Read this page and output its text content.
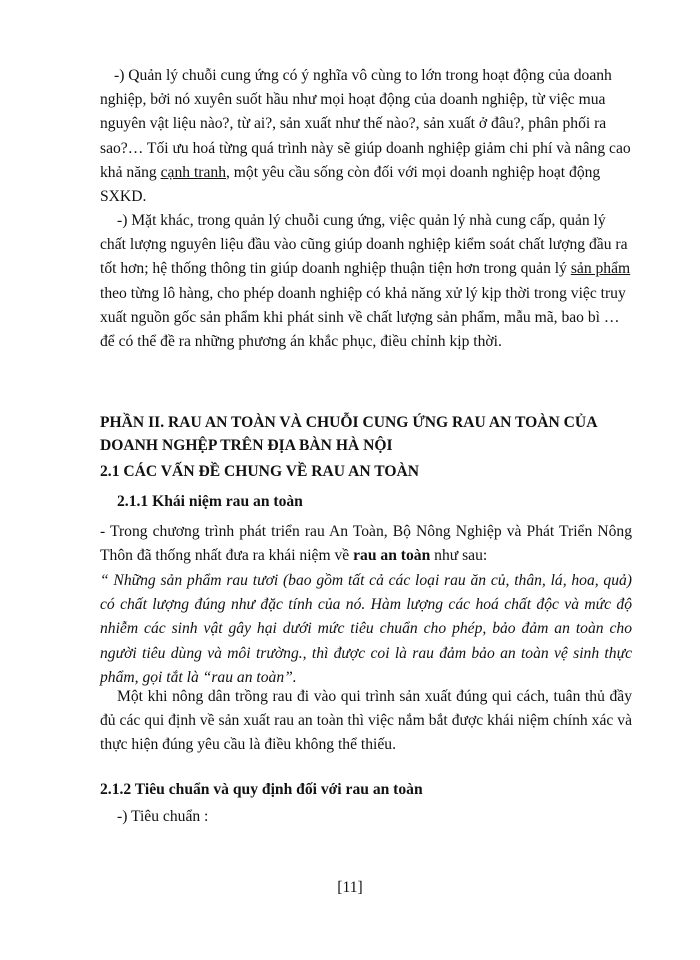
-) Quản lý chuỗi cung ứng có ý nghĩa vô cùng to lớn trong hoạt động của doanh nghiệp, bởi nó xuyên suốt hầu như mọi hoạt động của doanh nghiệp, từ việc mua nguyên vật liệu nào?, từ ai?, sản xuất như thế nào?, sản xuất ở đâu?, phân phối ra sao?… Tối ưu hoá từng quá trình này sẽ giúp doanh nghiệp giảm chi phí và nâng cao khả năng cạnh tranh, một yêu cầu sống còn đối với mọi doanh nghiệp hoạt động SXKD.

-) Mặt khác, trong quản lý chuỗi cung ứng, việc quản lý nhà cung cấp, quản lý chất lượng nguyên liệu đầu vào cũng giúp doanh nghiệp kiểm soát chất lượng đầu ra tốt hơn; hệ thống thông tin giúp doanh nghiệp thuận tiện hơn trong quản lý sản phẩm theo từng lô hàng, cho phép doanh nghiệp có khả năng xử lý kịp thời trong việc truy xuất nguồn gốc sản phẩm khi phát sinh về chất lượng sản phẩm, mẫu mã, bao bì … để có thể đề ra những phương án khắc phục, điều chỉnh kịp thời.

PHẦN II. RAU AN TOÀN VÀ CHUỖI CUNG ỨNG RAU AN TOÀN CỦA DOANH NGHỆP TRÊN ĐỊA BÀN HÀ NỘI

2.1 CÁC VẤN ĐỀ CHUNG VỀ RAU AN TOÀN

2.1.1 Khái niệm rau an toàn

- Trong chương trình phát triển rau An Toàn, Bộ Nông Nghiệp và Phát Triển Nông Thôn đã thống nhất đưa ra khái niệm về rau an toàn như sau:

“ Những sản phẩm rau tươi (bao gồm tất cả các loại rau ăn củ, thân, lá, hoa, quả) có chất lượng đúng như đặc tính của nó. Hàm lượng các hoá chất độc và mức độ nhiễm các sinh vật gây hại dưới mức tiêu chuẩn cho phép, bảo đảm an toàn cho người tiêu dùng và môi trường., thì được coi là rau đảm bảo an toàn vệ sinh thực phẩm, gọi tắt là “rau an toàn”.

Một khi nông dân trồng rau đi vào qui trình sản xuất đúng qui cách, tuân thủ đầy đủ các qui định về sản xuất rau an toàn thì việc nắm bắt được khái niệm chính xác và thực hiện đúng yêu cầu là điều không thể thiếu.

2.1.2 Tiêu chuẩn và quy định đối với rau an toàn

-) Tiêu chuẩn :

[11]
